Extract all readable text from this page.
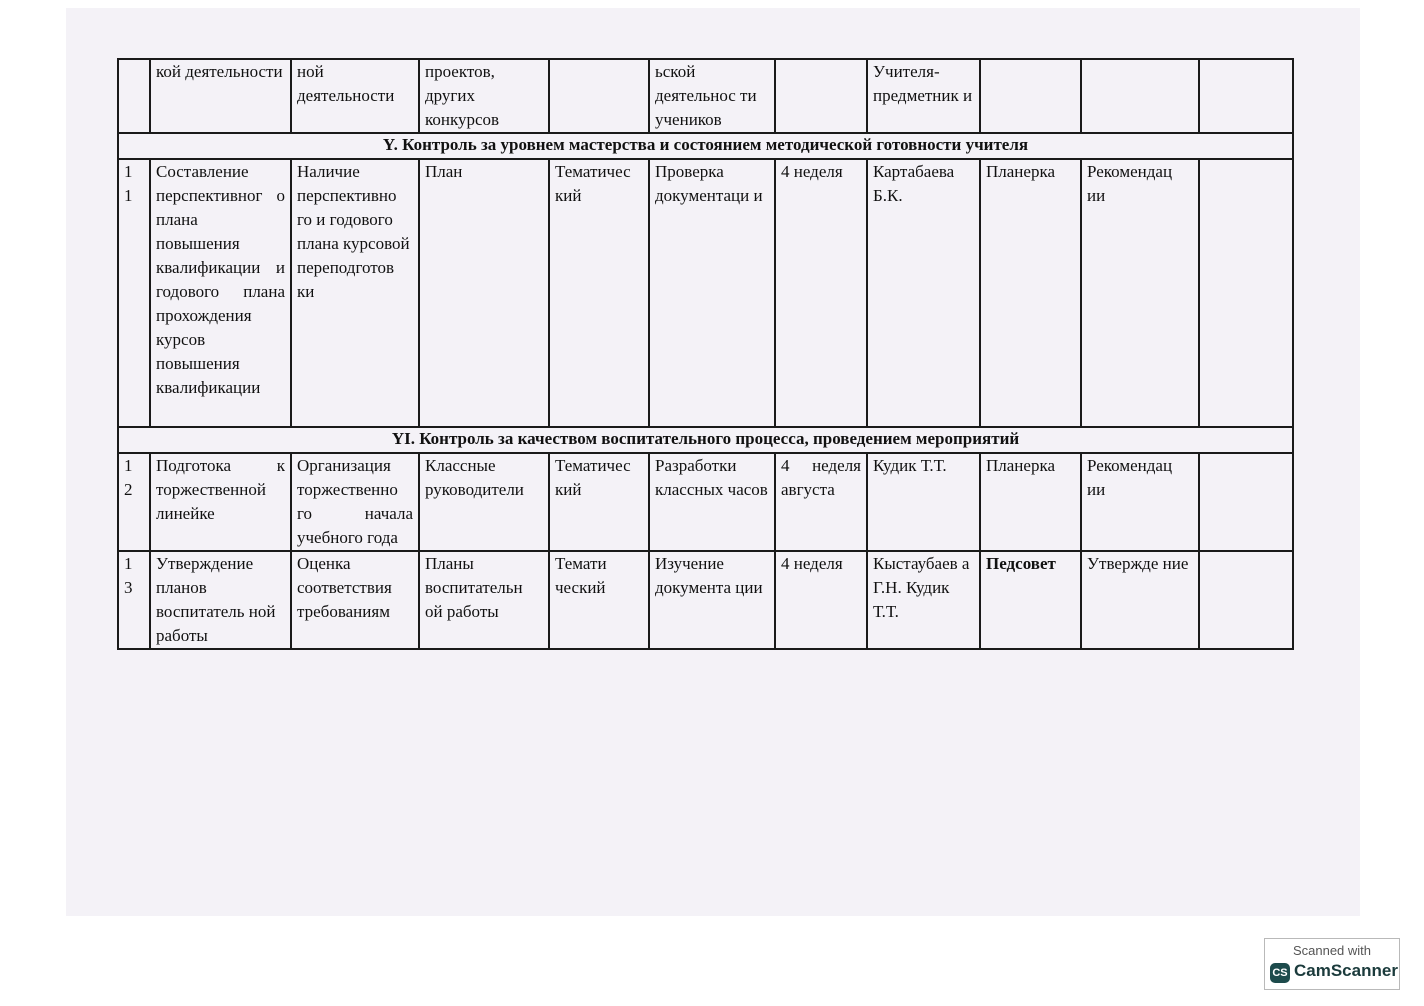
	кой деятельности	ной деятельности	проектов, других конкурсов		ьской деятельнос ти учеников		Учителя-предметник и			
Y. Контроль за уровнем мастерства и состоянием методической готовности учителя										
1 1	Составление перспективног о плана повышения квалификации и годового плана прохождения курсов повышения квалификации	Наличие перспективно го и годового плана курсовой переподготов ки	План	Тематичес кий	Проверка документаци и	4 неделя	Картабаева Б.К.	Планерка	Рекомендац ии	
YI. Контроль за качеством воспитательного процесса, проведением мероприятий										
1 2	Подготока к торжественной линейке	Организация торжественно го начала учебного года	Классные руководители	Тематичес кий	Разработки классных часов	4 неделя августа	Кудик Т.Т.	Планерка	Рекомендац ии	
1 3	Утверждение планов воспитатель ной работы	Оценка соответствия требованиям	Планы воспитательн ой работы	Темати ческий	Изучение документа ции	4 неделя	Кыстаубаев а Г.Н. Кудик Т.Т.	Педсовет	Утвержде ние	
Scanned with
CS CamScanner
